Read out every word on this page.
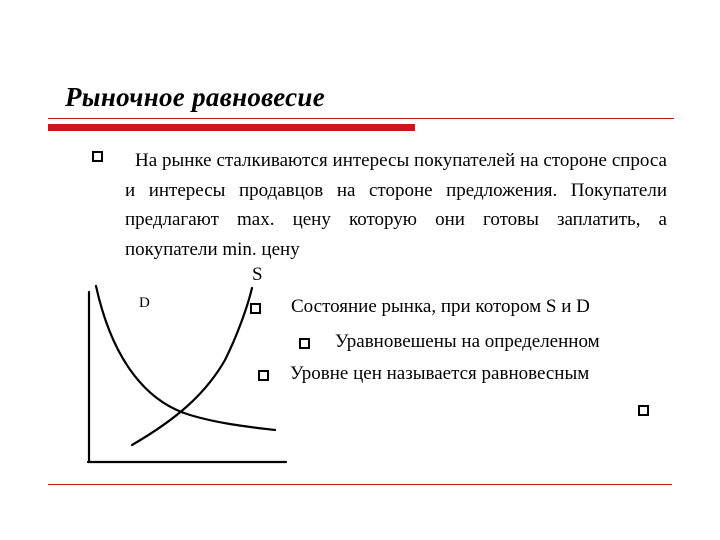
Рыночное равновесие
На рынке сталкиваются интересы покупателей на стороне спроса и интересы продавцов на стороне предложения. Покупатели предлагают max. цену которую они готовы заплатить, а покупатели min. цену
S
D	Состояние рынка, при котором S и D
Уравновешены на определенном
Уровне цен называется равновесным
